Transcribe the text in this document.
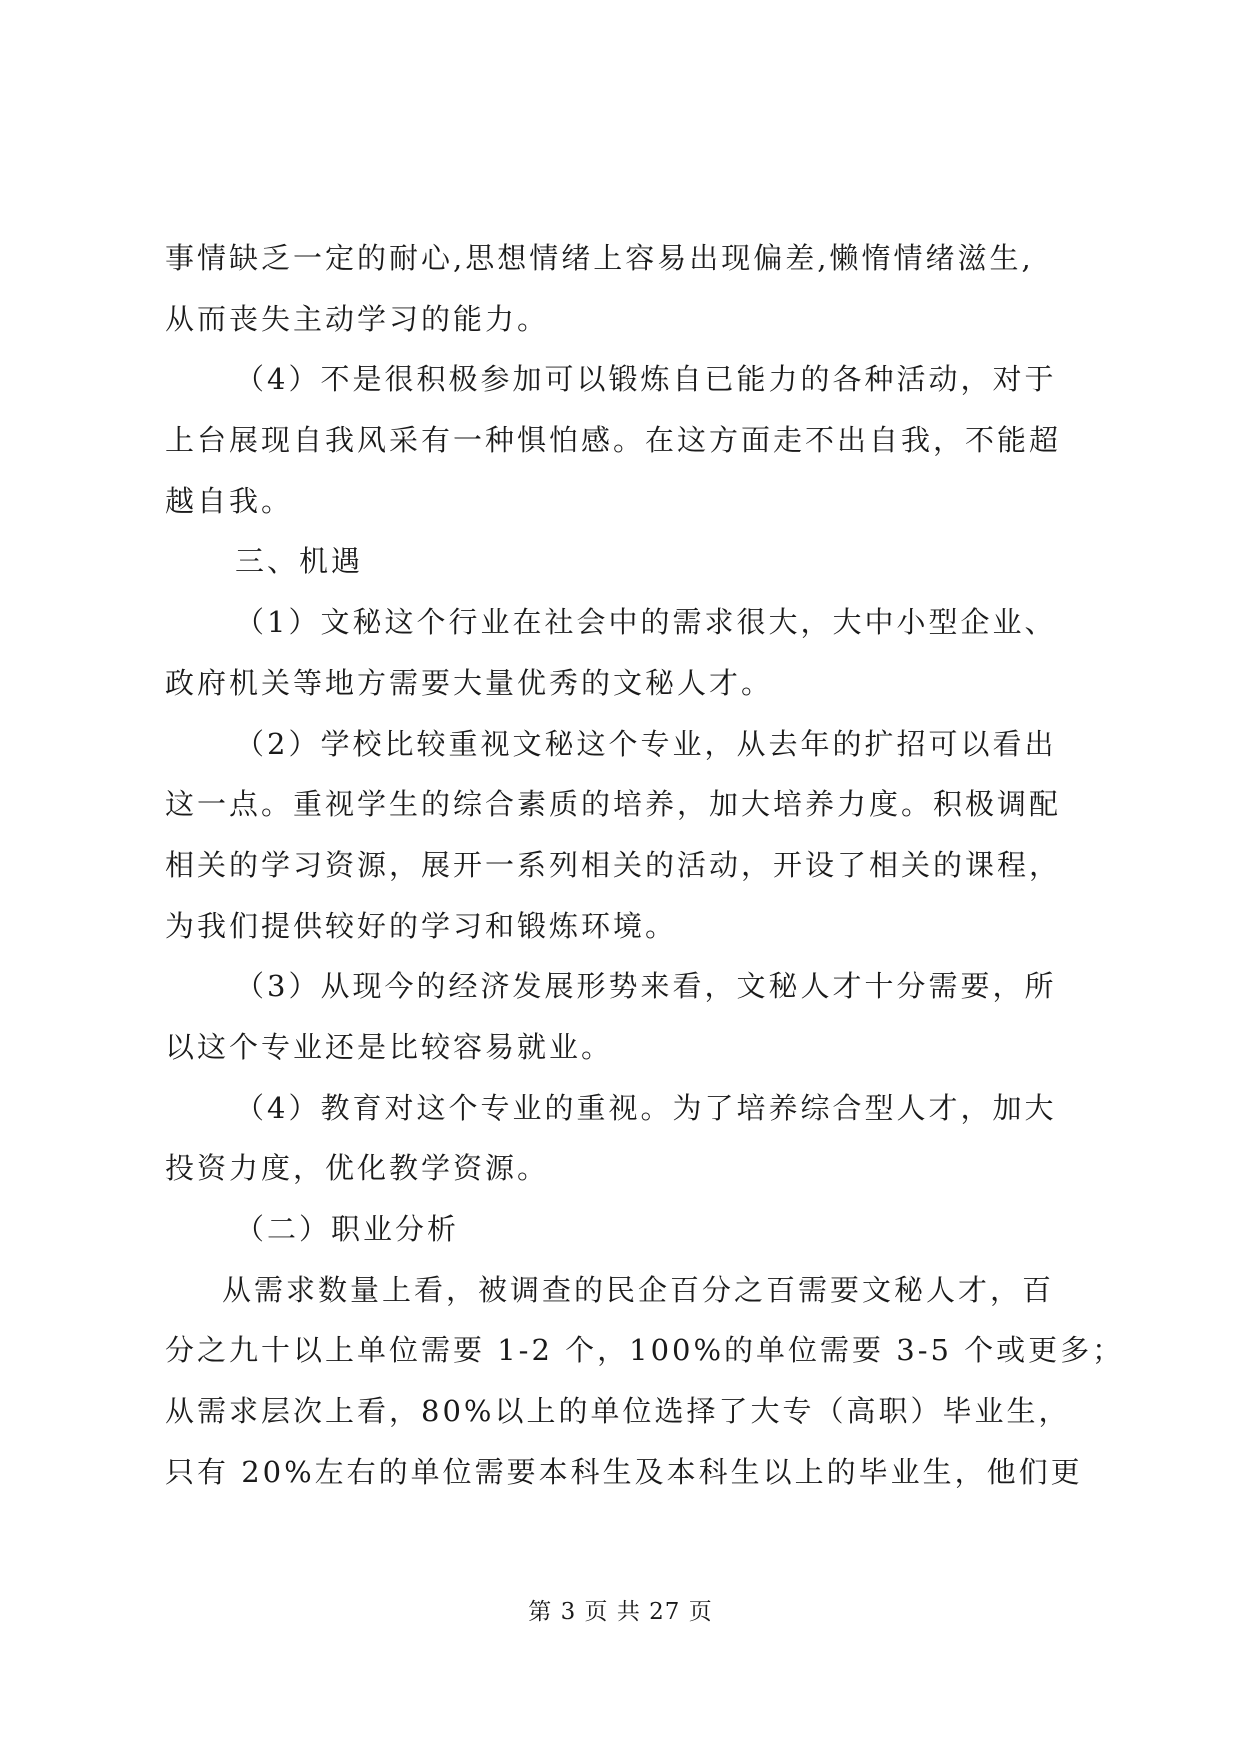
事情缺乏一定的耐心,思想情绪上容易出现偏差,懒惰情绪滋生,
从而丧失主动学习的能力。
（4）不是很积极参加可以锻炼自已能力的各种活动，对于
上台展现自我风采有一种惧怕感。在这方面走不出自我，不能超
越自我。
三、机遇
（1）文秘这个行业在社会中的需求很大，大中小型企业、
政府机关等地方需要大量优秀的文秘人才。
（2）学校比较重视文秘这个专业，从去年的扩招可以看出
这一点。重视学生的综合素质的培养，加大培养力度。积极调配
相关的学习资源，展开一系列相关的活动，开设了相关的课程，
为我们提供较好的学习和锻炼环境。
（3）从现今的经济发展形势来看，文秘人才十分需要，所
以这个专业还是比较容易就业。
（4）教育对这个专业的重视。为了培养综合型人才，加大
投资力度，优化教学资源。
（二）职业分析
从需求数量上看，被调查的民企百分之百需要文秘人才，百
分之九十以上单位需要 1-2 个，100%的单位需要 3-5 个或更多；
从需求层次上看，80%以上的单位选择了大专（高职）毕业生，
只有 20%左右的单位需要本科生及本科生以上的毕业生，他们更
第 3 页 共 27 页
